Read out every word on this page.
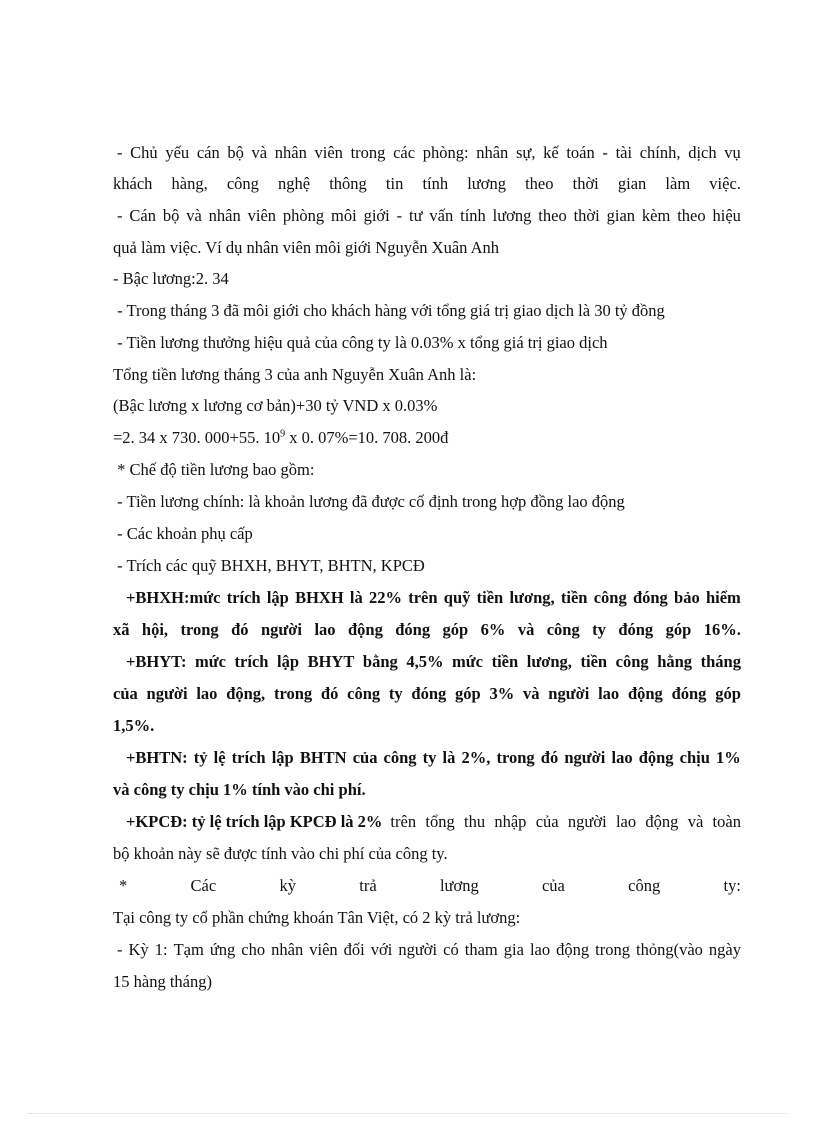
- Chủ yếu cán bộ và nhân viên trong các phòng: nhân sự, kế toán - tài chính, dịch vụ
khách hàng, công nghệ thông tin tính lương theo thời gian làm việc.
- Cán bộ và nhân viên phòng môi giới - tư vấn tính lương theo thời gian kèm theo hiệu
quả làm việc. Ví dụ nhân viên môi giới Nguyễn Xuân Anh
- Bậc lương:2. 34
- Trong tháng 3 đã môi giới cho khách hàng với tổng giá trị giao dịch là 30 tỷ đồng
- Tiền lương thưởng hiệu quả của công ty là 0.03% x tổng giá trị giao dịch
Tổng tiền lương tháng 3 của anh Nguyễn Xuân Anh là:
(Bậc lương x lương cơ bản)+30 tỷ VND x 0.03%
=2. 34 x 730. 000+55. $10^9$ x 0. 07%=10. 708. 200đ
* Chế độ tiền lương bao gồm:
- Tiền lương chính: là khoản lương đã được cố định trong hợp đồng lao động
- Các khoản phụ cấp
- Trích các quỹ BHXH, BHYT, BHTN, KPCĐ
+BHXH:mức trích lập BHXH là 22% trên quỹ tiền lương, tiền công đóng bảo hiểm
xã hội, trong đó người lao động đóng góp 6% và công ty đóng góp 16%.
+BHYT: mức trích lập BHYT bằng 4,5% mức tiền lương, tiền công hằng tháng
của người lao động, trong đó công ty đóng góp 3% và người lao động đóng góp
1,5%.
+BHTN: tỷ lệ trích lập BHTN của công ty là 2%, trong đó người lao động chịu 1%
và công ty chịu 1% tính vào chi phí.
+KPCĐ: tỷ lệ trích lập KPCĐ là 2% trên tổng thu nhập của người lao động và toàn
bộ khoản này sẽ được tính vào chi phí của công ty.
*	Các	kỳ	trả	lương	của	công	ty:
Tại công ty cổ phần chứng khoán Tân Việt, có 2 kỳ trả lương:
- Kỳ 1: Tạm ứng cho nhân viên đối với người có tham gia lao động trong thỏng(vào ngày
15 hàng tháng)
